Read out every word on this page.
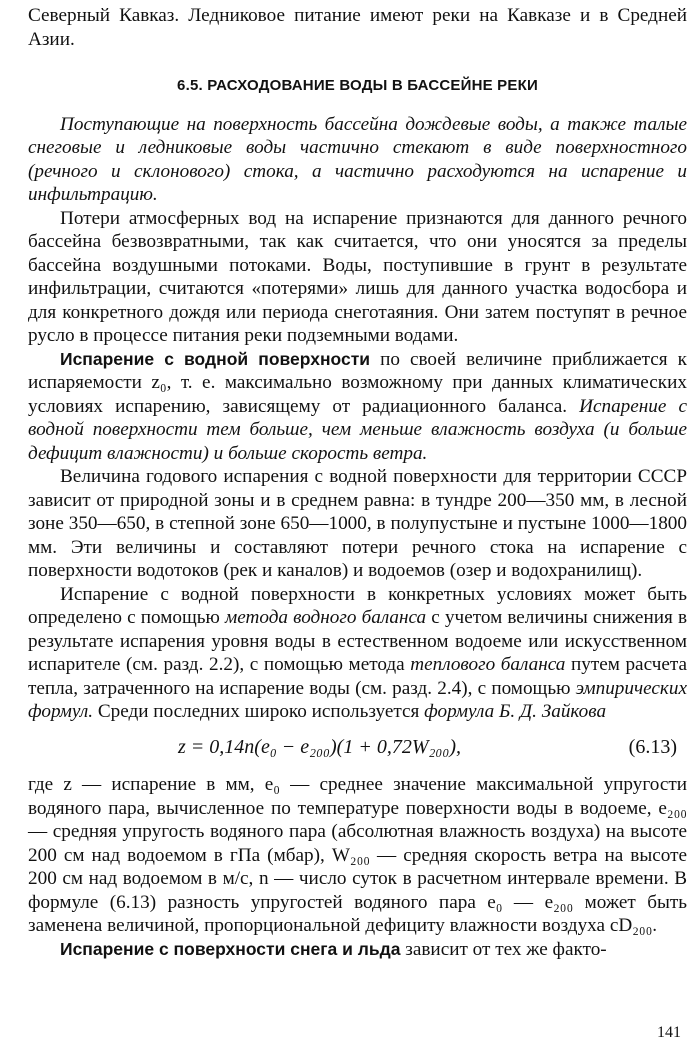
Северный Кавказ. Ледниковое питание имеют реки на Кавказе и в Средней Азии.

6.5. РАСХОДОВАНИЕ ВОДЫ В БАССЕЙНЕ РЕКИ

Поступающие на поверхность бассейна дождевые воды, а также талые снеговые и ледниковые воды частично стекают в виде поверхностного (речного и склонового) стока, а частично расходуются на испарение и инфильтрацию.

Потери атмосферных вод на испарение признаются для данного речного бассейна безвозвратными, так как считается, что они уносятся за пределы бассейна воздушными потоками. Воды, поступившие в грунт в результате инфильтрации, считаются «потерями» лишь для данного участка водосбора и для конкретного дождя или периода снеготаяния. Они затем поступят в речное русло в процессе питания реки подземными водами.

Испарение с водной поверхности по своей величине приближается к испаряемости z₀, т. е. максимально возможному при данных климатических условиях испарению, зависящему от радиационного баланса. Испарение с водной поверхности тем больше, чем меньше влажность воздуха (и больше дефицит влажности) и больше скорость ветра.

Величина годового испарения с водной поверхности для территории СССР зависит от природной зоны и в среднем равна: в тундре 200—350 мм, в лесной зоне 350—650, в степной зоне 650—1000, в полупустыне и пустыне 1000—1800 мм. Эти величины и составляют потери речного стока на испарение с поверхности водотоков (рек и каналов) и водоемов (озер и водохранилищ).

Испарение с водной поверхности в конкретных условиях может быть определено с помощью метода водного баланса с учетом величины снижения в результате испарения уровня воды в естественном водоеме или искусственном испарителе (см. разд. 2.2), с помощью метода теплового баланса путем расчета тепла, затраченного на испарение воды (см. разд. 2.4), с помощью эмпирических формул. Среди последних широко используется формула Б. Д. Зайкова

z = 0,14n(e₀ − e₂₀₀)(1 + 0,72W₂₀₀),	(6.13)

где z — испарение в мм, e₀ — среднее значение максимальной упругости водяного пара, вычисленное по температуре поверхности воды в водоеме, e₂₀₀ — средняя упругость водяного пара (абсолютная влажность воздуха) на высоте 200 см над водоемом в гПа (мбар), W₂₀₀ — средняя скорость ветра на высоте 200 см над водоемом в м/с, n — число суток в расчетном интервале времени. В формуле (6.13) разность упругостей водяного пара e₀ — e₂₀₀ может быть заменена величиной, пропорциональной дефициту влажности воздуха cD₂₀₀.

Испарение с поверхности снега и льда зависит от тех же факто-

141
